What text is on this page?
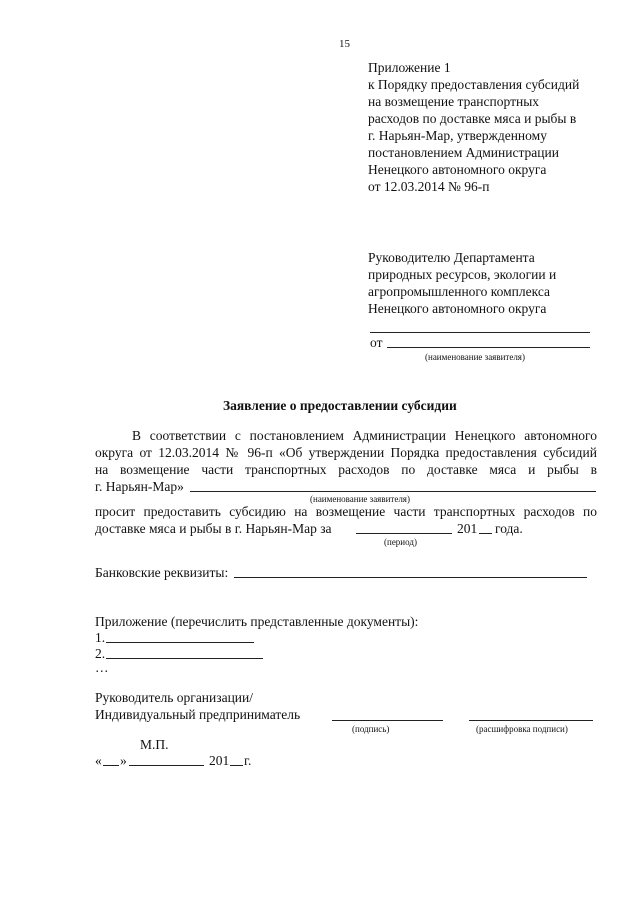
15
Приложение 1
к Порядку предоставления субсидий
на возмещение транспортных
расходов по доставке мяса и рыбы в
г. Нарьян-Мар, утвержденному
постановлением Администрации
Ненецкого автономного округа
от 12.03.2014 № 96-п
Руководителю Департамента
природных ресурсов, экологии и
агропромышленного комплекса
Ненецкого автономного округа
от
(наименование заявителя)
Заявление о предоставлении субсидии
В соответствии с постановлением Администрации Ненецкого автономного
округа от 12.03.2014 № 96-п «Об утверждении Порядка предоставления субсидий
на возмещение части транспортных расходов по доставке мяса и рыбы в
г. Нарьян-Мар»
(наименование заявителя)
просит предоставить субсидию на возмещение части транспортных расходов по
доставке мяса и рыбы в г. Нарьян-Мар за	201 года.
(период)
Банковские реквизиты:
Приложение (перечислить представленные документы):
1.
2.
…
Руководитель организации/
Индивидуальный предприниматель
(подпись)	(расшифровка подписи)
М.П.
« »	201 г.
